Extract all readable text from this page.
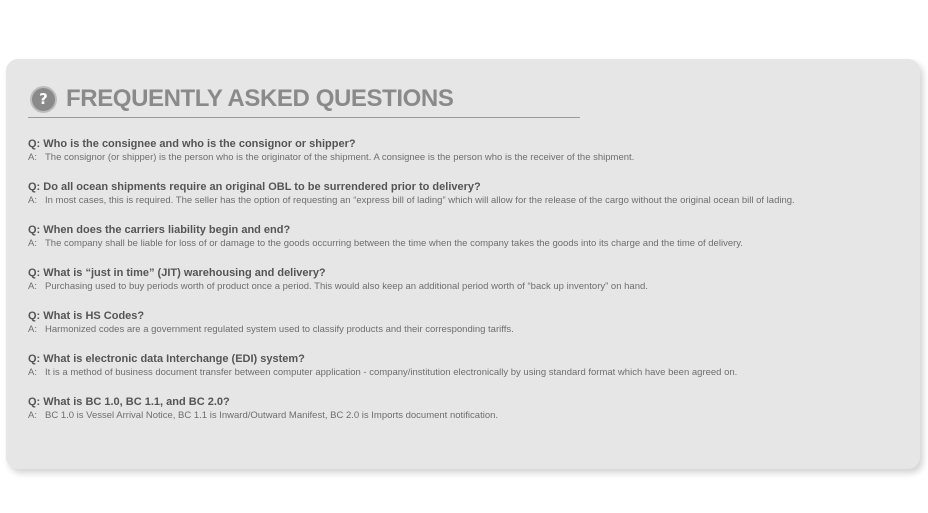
? FREQUENTLY ASKED QUESTIONS
Q: Who is the consignee and who is the consignor or shipper?
A: The consignor (or shipper) is the person who is the originator of the shipment. A consignee is the person who is the receiver of the shipment.
Q: Do all ocean shipments require an original OBL to be surrendered prior to delivery?
A: In most cases, this is required. The seller has the option of requesting an “express bill of lading” which will allow for the release of the cargo without the original ocean bill of lading.
Q: When does the carriers liability begin and end?
A: The company shall be liable for loss of or damage to the goods occurring between the time when the company takes the goods into its charge and the time of delivery.
Q: What is “just in time” (JIT) warehousing and delivery?
A: Purchasing used to buy periods worth of product once a period. This would also keep an additional period worth of “back up inventory” on hand.
Q: What is HS Codes?
A: Harmonized codes are a government regulated system used to classify products and their corresponding tariffs.
Q: What is electronic data Interchange (EDI) system?
A: It is a method of business document transfer between computer application - company/institution electronically by using standard format which have been agreed on.
Q: What is BC 1.0, BC 1.1, and BC 2.0?
A: BC 1.0 is Vessel Arrival Notice, BC 1.1 is Inward/Outward Manifest, BC 2.0 is Imports document notification.
